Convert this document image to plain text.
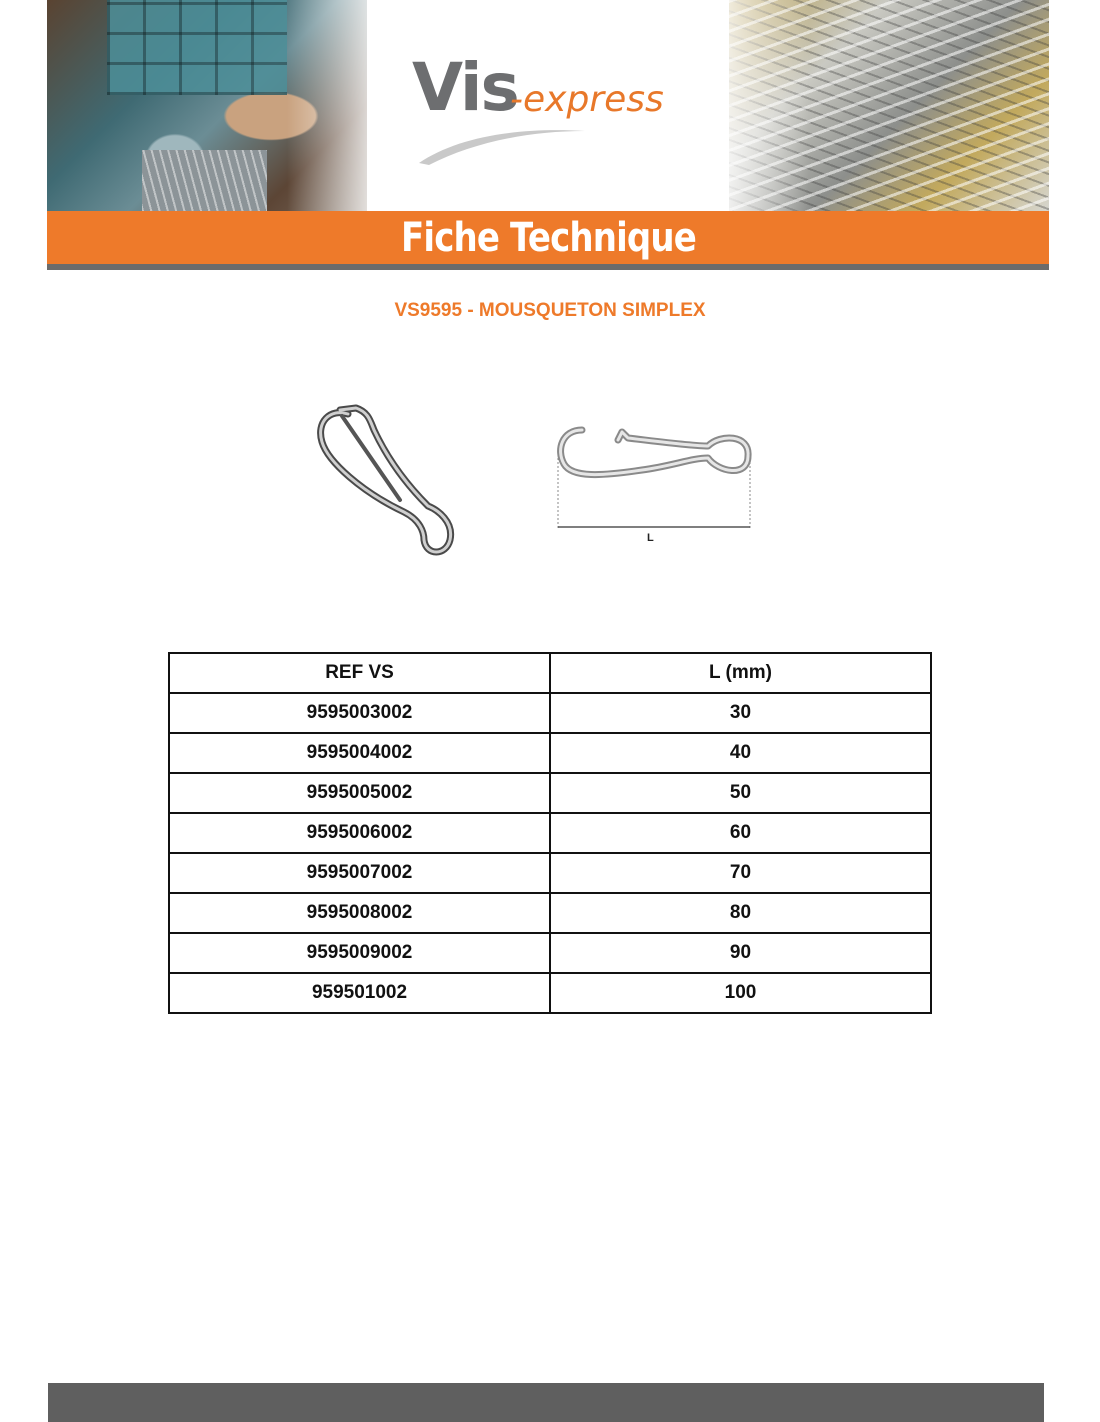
Vis
-express
Fiche Technique
VS9595 - MOUSQUETON SIMPLEX
L
REF VS	L (mm)
9595003002	30
9595004002	40
9595005002	50
9595006002	60
9595007002	70
9595008002	80
9595009002	90
959501002	100
